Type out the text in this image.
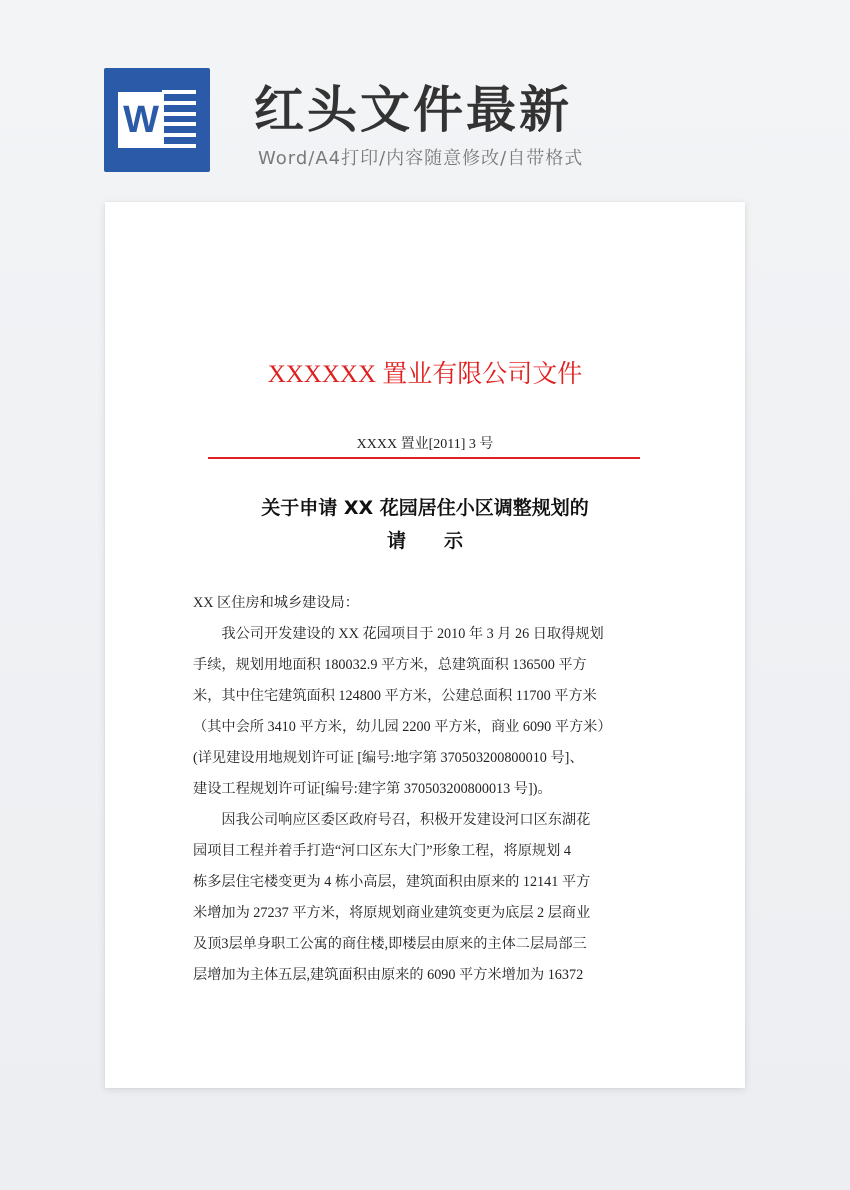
W 红头文件最新
Word/A4打印/内容随意修改/自带格式
XXXXXX 置业有限公司文件
XXXX 置业[2011] 3 号
关于申请 XX 花园居住小区调整规划的
请　　示
XX 区住房和城乡建设局：
　　我公司开发建设的 XX 花园项目于 2010 年 3 月 26 日取得规划
手续，规划用地面积 180032.9 平方米，总建筑面积 136500 平方
米，其中住宅建筑面积 124800 平方米，公建总面积 11700 平方米
（其中会所 3410 平方米，幼儿园 2200 平方米，商业 6090 平方米）
(详见建设用地规划许可证 [编号:地字第 370503200800010 号]、
建设工程规划许可证[编号:建字第 370503200800013 号])。
　　因我公司响应区委区政府号召，积极开发建设河口区东湖花
园项目工程并着手打造“河口区东大门”形象工程，将原规划 4
栋多层住宅楼变更为 4 栋小高层，建筑面积由原来的 12141 平方
米增加为 27237 平方米，将原规划商业建筑变更为底层 2 层商业
及顶3层单身职工公寓的商住楼,即楼层由原来的主体二层局部三
层增加为主体五层,建筑面积由原来的 6090 平方米增加为 16372
